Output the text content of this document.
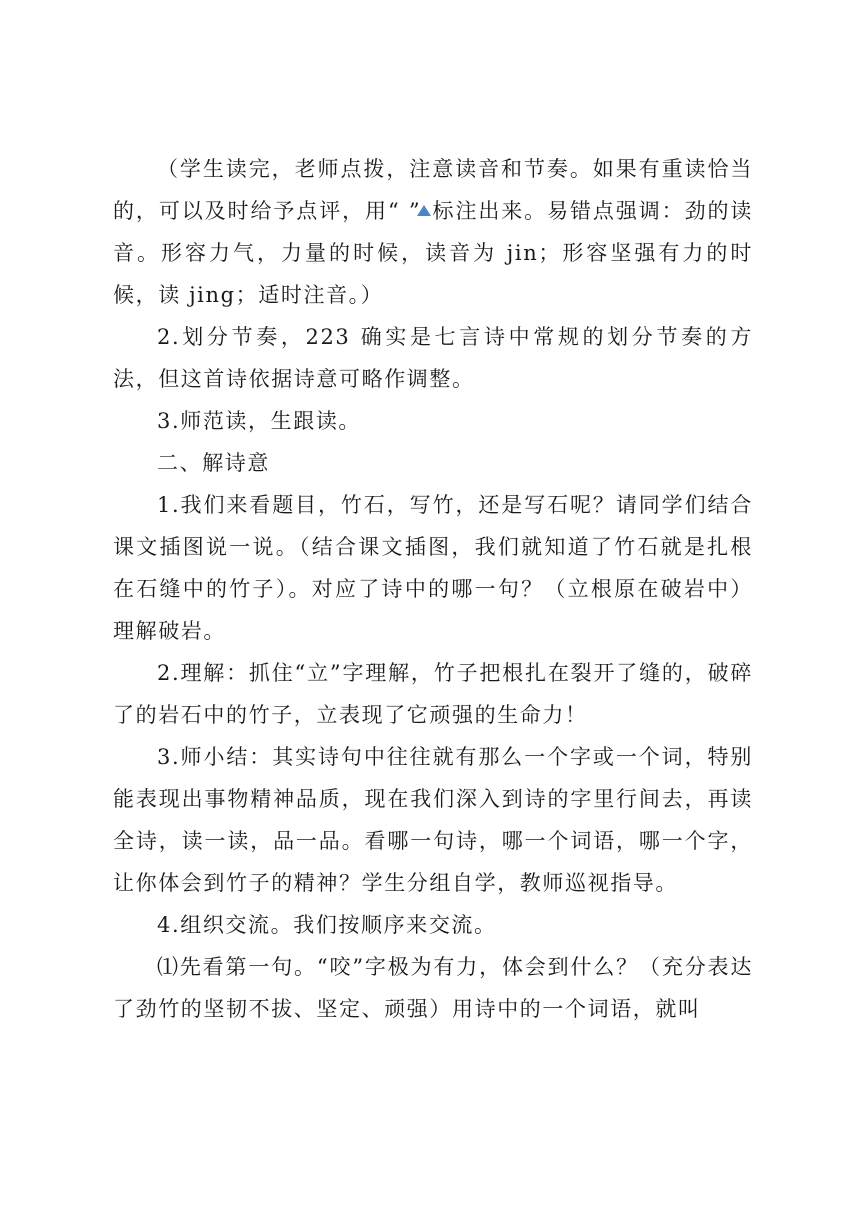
（学生读完，老师点拨，注意读音和节奏。如果有重读恰当的，可以及时给予点评，用“ ” 标注出来。易错点强调：劲的读音。形容力气，力量的时候，读音为 jin；形容坚强有力的时候，读 jing；适时注音。）

2.划分节奏，223 确实是七言诗中常规的划分节奏的方法，但这首诗依据诗意可略作调整。

3.师范读，生跟读。

二、解诗意

1.我们来看题目，竹石，写竹，还是写石呢？请同学们结合课文插图说一说。（结合课文插图，我们就知道了竹石就是扎根在石缝中的竹子）。对应了诗中的哪一句？（立根原在破岩中）理解破岩。

2.理解：抓住“立”字理解，竹子把根扎在裂开了缝的，破碎了的岩石中的竹子，立表现了它顽强的生命力！

3.师小结：其实诗句中往往就有那么一个字或一个词，特别能表现出事物精神品质，现在我们深入到诗的字里行间去，再读全诗，读一读，品一品。看哪一句诗，哪一个词语，哪一个字，让你体会到竹子的精神？学生分组自学，教师巡视指导。

4.组织交流。我们按顺序来交流。

⑴先看第一句。“咬”字极为有力，体会到什么？（充分表达了劲竹的坚韧不拔、坚定、顽强）用诗中的一个词语，就叫
